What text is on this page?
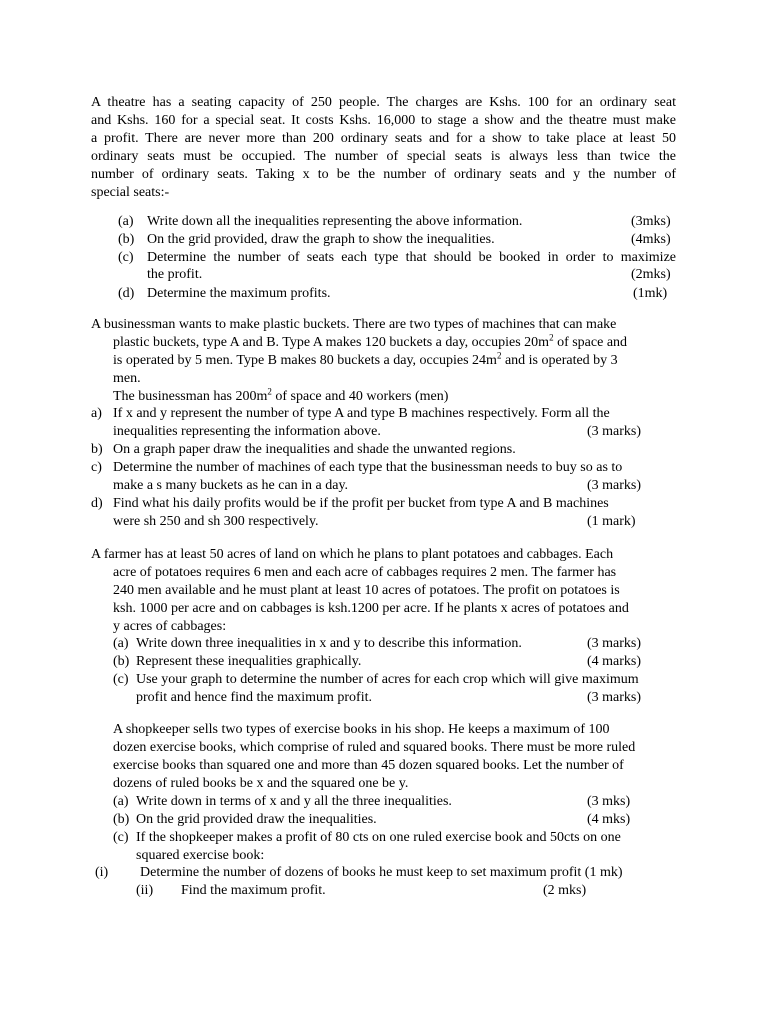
A theatre has a seating capacity of 250 people. The charges are Kshs. 100 for an ordinary seat
and Kshs. 160 for a special seat. It costs Kshs. 16,000 to stage a show and the theatre must make
a profit. There are never more than 200 ordinary seats and for a show to take place at least 50
ordinary seats must be occupied. The number of special seats is always less than twice the
number of ordinary seats. Taking x to be the number of ordinary seats and y the number of
special seats:-
(a) Write down all the inequalities representing the above information.	(3mks)
(b) On the grid provided, draw the graph to show the inequalities.	(4mks)
(c) Determine the number of seats each type that should be booked in order to maximize
the profit.	(2mks)
(d) Determine the maximum profits.	(1mk)
A businessman wants to make plastic buckets. There are two types of machines that can make
plastic buckets, type A and B. Type A makes 120 buckets a day, occupies $20m^2$ of space and
is operated by 5 men. Type B makes 80 buckets a day, occupies $24m^2$ and is operated by 3
men.
The businessman has $200m^2$ of space and 40 workers (men)
a) If x and y represent the number of type A and type B machines respectively. Form all the
inequalities representing the information above.	(3 marks)
b) On a graph paper draw the inequalities and shade the unwanted regions.
c) Determine the number of machines of each type that the businessman needs to buy so as to
make a s many buckets as he can in a day.	(3 marks)
d) Find what his daily profits would be if the profit per bucket from type A and B machines
were sh 250 and sh 300 respectively.	(1 mark)
A farmer has at least 50 acres of land on which he plans to plant potatoes and cabbages. Each
acre of potatoes requires 6 men and each acre of cabbages requires 2 men. The farmer has
240 men available and he must plant at least 10 acres of potatoes. The profit on potatoes is
ksh. 1000 per acre and on cabbages is ksh.1200 per acre. If he plants x acres of potatoes and
y acres of cabbages:
(a) Write down three inequalities in x and y to describe this information.	(3 marks)
(b) Represent these inequalities graphically.	(4 marks)
(c) Use your graph to determine the number of acres for each crop which will give maximum
profit and hence find the maximum profit.	(3 marks)
A shopkeeper sells two types of exercise books in his shop. He keeps a maximum of 100
dozen exercise books, which comprise of ruled and squared books. There must be more ruled
exercise books than squared one and more than 45 dozen squared books. Let the number of
dozens of ruled books be x and the squared one be y.
(a) Write down in terms of x and y all the three inequalities.	(3 mks)
(b) On the grid provided draw the inequalities.	(4 mks)
(c) If the shopkeeper makes a profit of 80 cts on one ruled exercise book and 50cts on one
squared exercise book:
(i) Determine the number of dozens of books he must keep to set maximum profit (1 mk)
(ii) Find the maximum profit.	(2 mks)
